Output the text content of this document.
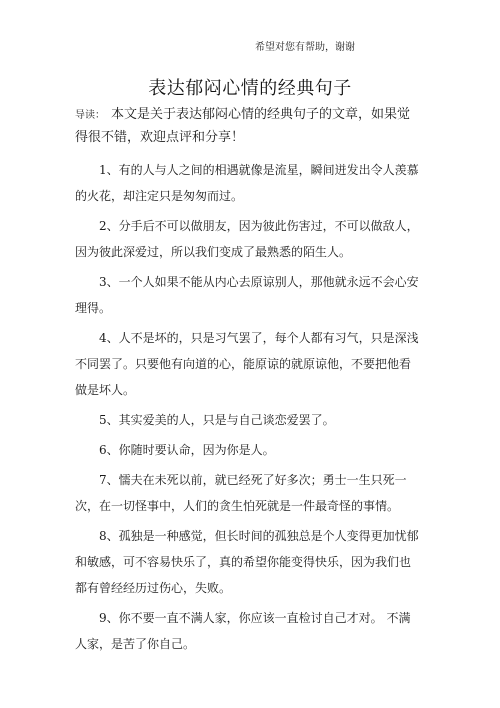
希望对您有帮助，谢谢
表达郁闷心情的经典句子

导读： 本文是关于表达郁闷心情的经典句子的文章，如果觉得很不错，欢迎点评和分享！

1、有的人与人之间的相遇就像是流星，瞬间迸发出令人羡慕的火花，却注定只是匆匆而过。

2、分手后不可以做朋友，因为彼此伤害过，不可以做敌人，因为彼此深爱过，所以我们变成了最熟悉的陌生人。

3、一个人如果不能从内心去原谅别人，那他就永远不会心安理得。

4、人不是坏的，只是习气罢了，每个人都有习气，只是深浅不同罢了。只要他有向道的心，能原谅的就原谅他，不要把他看做是坏人。

5、其实爱美的人，只是与自己谈恋爱罢了。

6、你随时要认命，因为你是人。

7、懦夫在未死以前，就已经死了好多次；勇士一生只死一次，在一切怪事中，人们的贪生怕死就是一件最奇怪的事情。

8、孤独是一种感觉，但长时间的孤独总是个人变得更加忧郁和敏感，可不容易快乐了，真的希望你能变得快乐，因为我们也都有曾经经历过伤心，失败。

9、你不要一直不满人家，你应该一直检讨自己才对。 不满人家，是苦了你自己。
